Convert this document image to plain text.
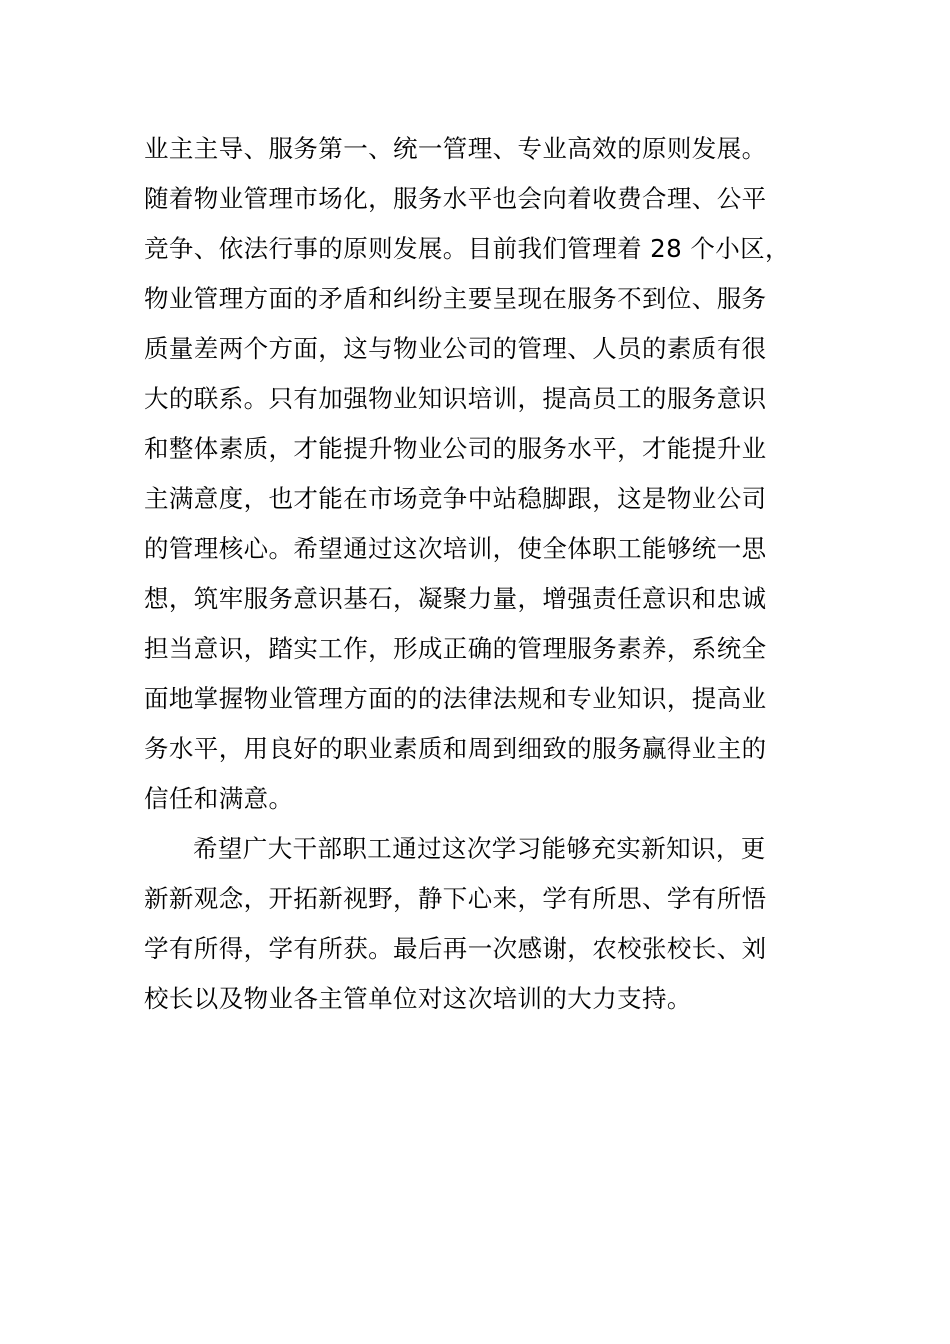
业主主导、服务第一、统一管理、专业高效的原则发展。
随着物业管理市场化，服务水平也会向着收费合理、公平
竞争、依法行事的原则发展。目前我们管理着 28 个小区，
物业管理方面的矛盾和纠纷主要呈现在服务不到位、服务
质量差两个方面，这与物业公司的管理、人员的素质有很
大的联系。只有加强物业知识培训，提高员工的服务意识
和整体素质，才能提升物业公司的服务水平，才能提升业
主满意度，也才能在市场竞争中站稳脚跟，这是物业公司
的管理核心。希望通过这次培训，使全体职工能够统一思
想，筑牢服务意识基石，凝聚力量，增强责任意识和忠诚
担当意识，踏实工作，形成正确的管理服务素养，系统全
面地掌握物业管理方面的的法律法规和专业知识，提高业
务水平，用良好的职业素质和周到细致的服务赢得业主的
信任和满意。
希望广大干部职工通过这次学习能够充实新知识，更
新新观念，开拓新视野，静下心来，学有所思、学有所悟
学有所得，学有所获。最后再一次感谢，农校张校长、刘
校长以及物业各主管单位对这次培训的大力支持。
